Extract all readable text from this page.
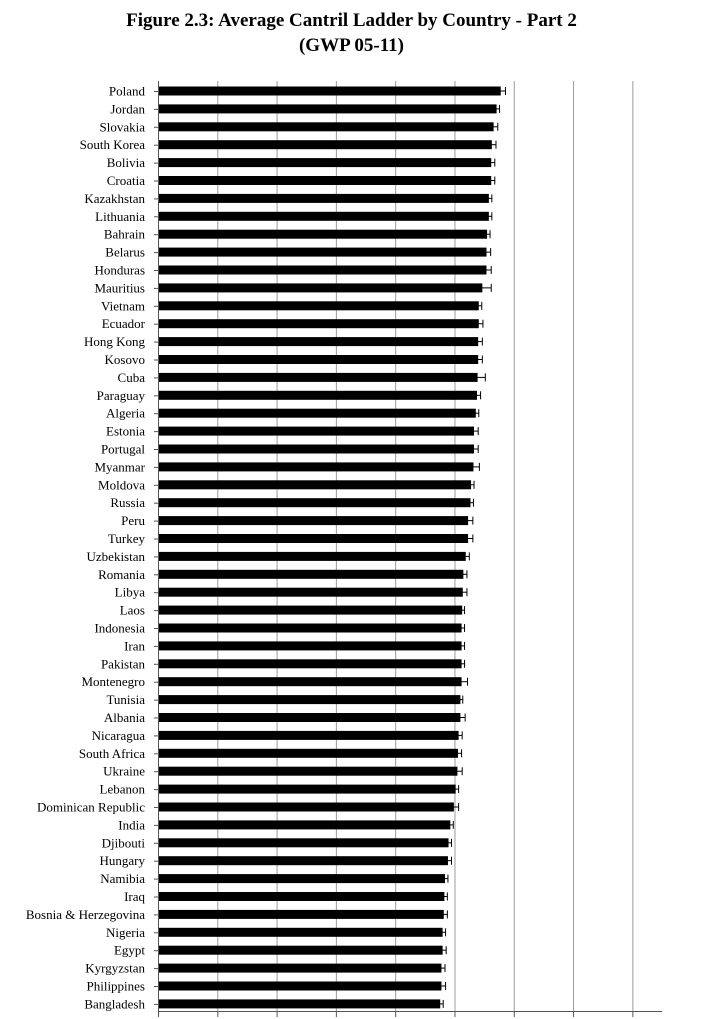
Figure 2.3: Average Cantril Ladder by Country - Part 2
(GWP 05-11)
Poland
Jordan
Slovakia
South Korea
Bolivia
Croatia
Kazakhstan
Lithuania
Bahrain
Belarus
Honduras
Mauritius
Vietnam
Ecuador
Hong Kong
Kosovo
Cuba
Paraguay
Algeria
Estonia
Portugal
Myanmar
Moldova
Russia
Peru
Turkey
Uzbekistan
Romania
Libya
Laos
Indonesia
Iran
Pakistan
Montenegro
Tunisia
Albania
Nicaragua
South Africa
Ukraine
Lebanon
Dominican Republic
India
Djibouti
Hungary
Namibia
Iraq
Bosnia & Herzegovina
Nigeria
Egypt
Kyrgyzstan
Philippines
Bangladesh
